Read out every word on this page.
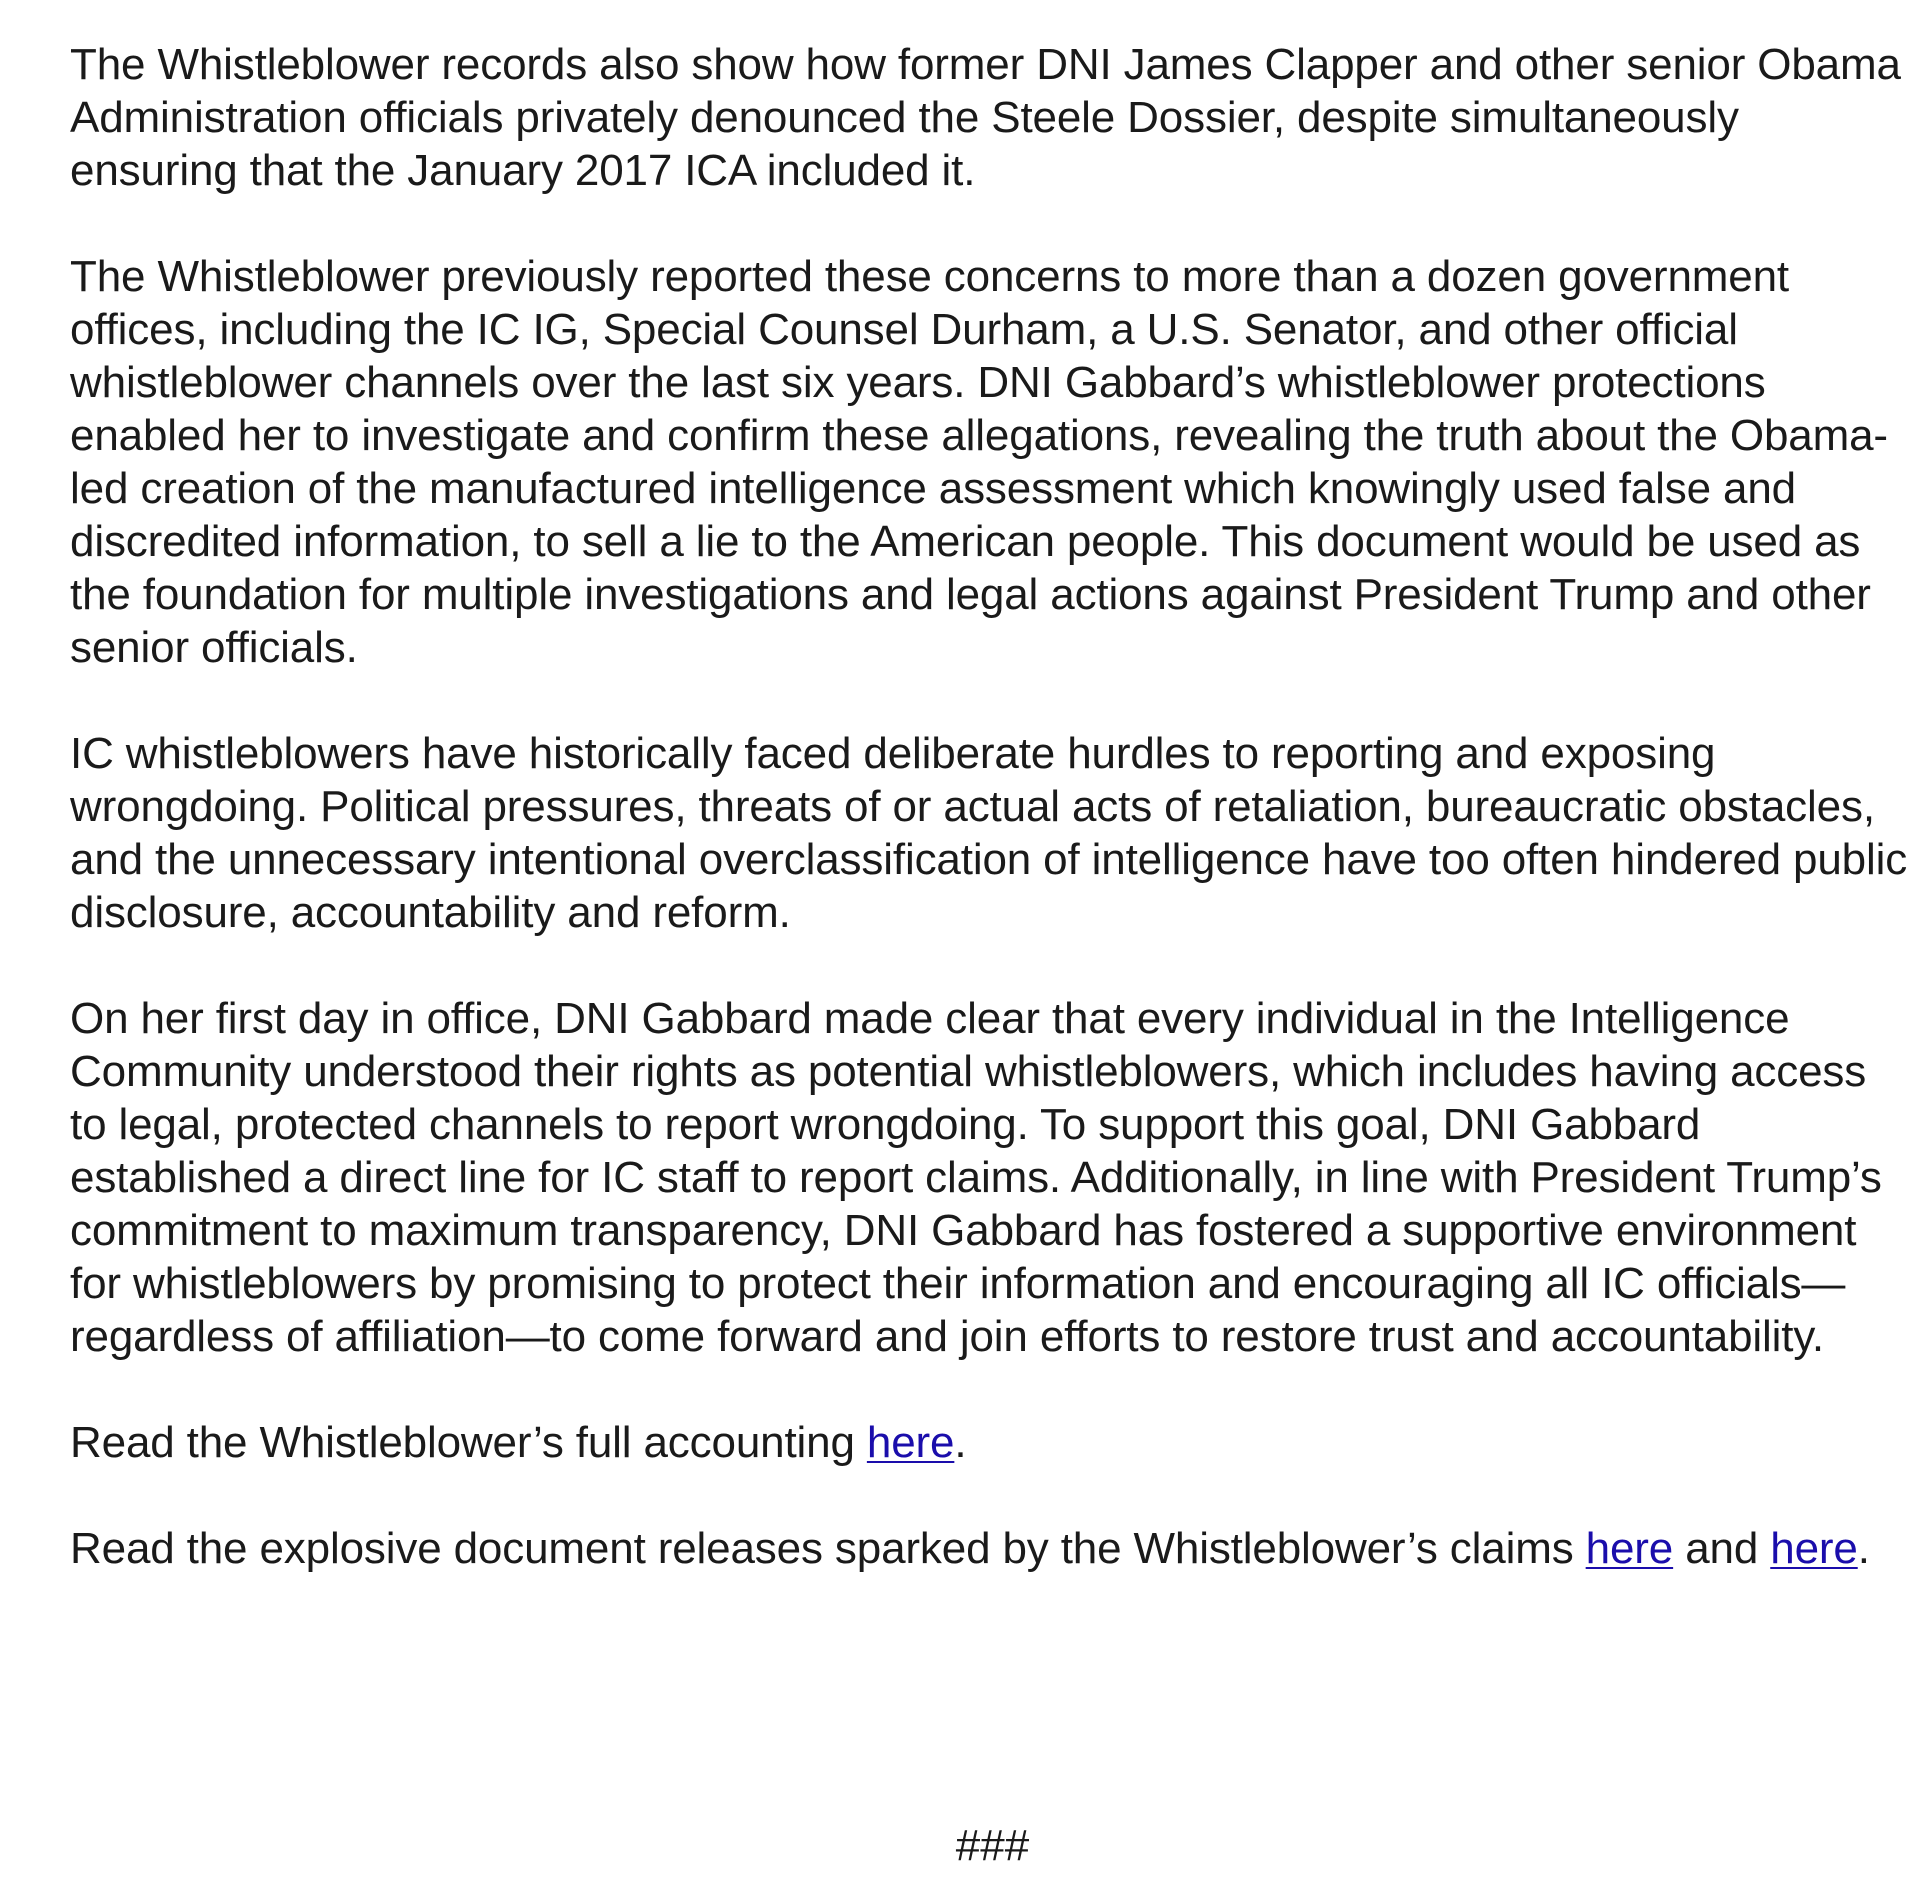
The Whistleblower records also show how former DNI James Clapper and other senior Obama Administration officials privately denounced the Steele Dossier, despite simultaneously ensuring that the January 2017 ICA included it.

The Whistleblower previously reported these concerns to more than a dozen government offices, including the IC IG, Special Counsel Durham, a U.S. Senator, and other official whistleblower channels over the last six years. DNI Gabbard’s whistleblower protections enabled her to investigate and confirm these allegations, revealing the truth about the Obama-led creation of the manufactured intelligence assessment which knowingly used false and discredited information, to sell a lie to the American people. This document would be used as the foundation for multiple investigations and legal actions against President Trump and other senior officials.

IC whistleblowers have historically faced deliberate hurdles to reporting and exposing wrongdoing. Political pressures, threats of or actual acts of retaliation, bureaucratic obstacles, and the unnecessary intentional overclassification of intelligence have too often hindered public disclosure, accountability and reform.

On her first day in office, DNI Gabbard made clear that every individual in the Intelligence Community understood their rights as potential whistleblowers, which includes having access to legal, protected channels to report wrongdoing. To support this goal, DNI Gabbard established a direct line for IC staff to report claims. Additionally, in line with President Trump’s commitment to maximum transparency, DNI Gabbard has fostered a supportive environment for whistleblowers by promising to protect their information and encouraging all IC officials—regardless of affiliation—to come forward and join efforts to restore trust and accountability.

Read the Whistleblower’s full accounting here.

Read the explosive document releases sparked by the Whistleblower’s claims here and here.

###
